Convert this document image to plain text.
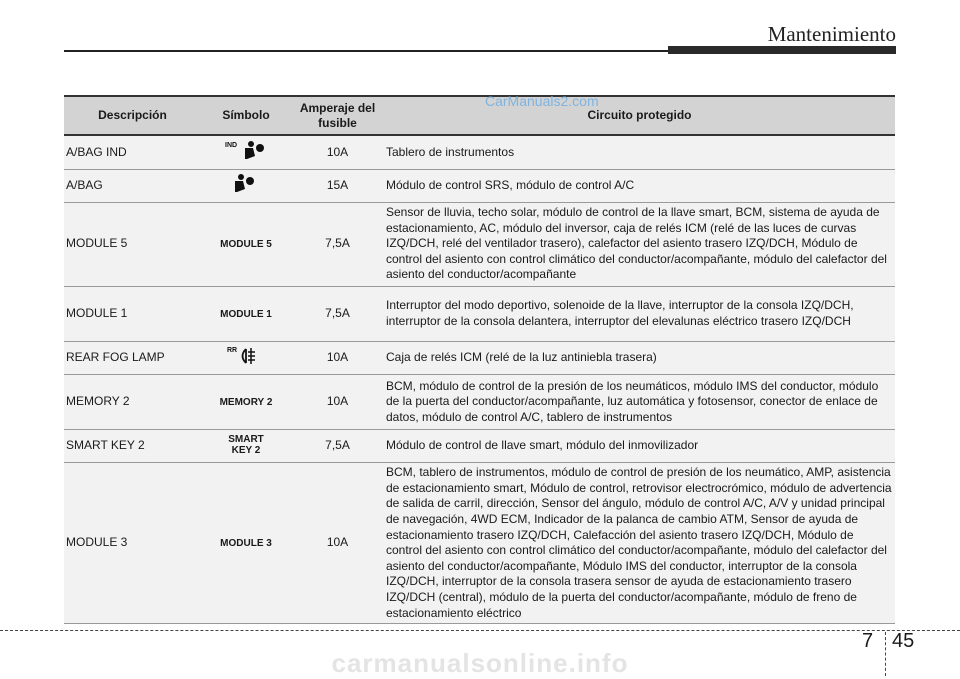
Mantenimiento
Descripción	Símbolo	Amperaje del fusible	Circuito protegido
A/BAG IND	IND	10A	Tablero de instrumentos
A/BAG		15A	Módulo de control SRS, módulo de control A/C
MODULE 5	MODULE 5	7,5A	Sensor de lluvia, techo solar, módulo de control de la llave smart, BCM, sistema de ayuda de estacionamiento, AC, módulo del inversor, caja de relés ICM (relé de las luces de curvas IZQ/DCH, relé del ventilador trasero), calefactor del asiento trasero IZQ/DCH, Módulo de control del asiento con control climático del conductor/acompañante, módulo del calefactor del asiento del conductor/acompañante
MODULE 1	MODULE 1	7,5A	Interruptor del modo deportivo, solenoide de la llave, interruptor de la consola IZQ/DCH, interruptor de la consola delantera, interruptor del elevalunas eléctrico trasero IZQ/DCH
REAR FOG LAMP	RR	10A	Caja de relés ICM (relé de la luz antiniebla trasera)
MEMORY 2	MEMORY 2	10A	BCM, módulo de control de la presión de los neumáticos, módulo IMS del conductor, módulo de la puerta del conductor/acompañante, luz automática y fotosensor, conector de enlace de datos, módulo de control A/C, tablero de instrumentos
SMART KEY 2	SMART KEY 2	7,5A	Módulo de control de llave smart, módulo del inmovilizador
MODULE 3	MODULE 3	10A	BCM, tablero de instrumentos, módulo de control de presión de los neumático, AMP, asistencia de estacionamiento smart, Módulo de control, retrovisor electrocrómico, módulo de advertencia de salida de carril, dirección, Sensor del ángulo, módulo de control A/C, A/V y unidad principal de navegación, 4WD ECM, Indicador de la palanca de cambio ATM, Sensor de ayuda de estacionamiento trasero IZQ/DCH, Calefacción del asiento trasero IZQ/DCH, Módulo de control del asiento con control climático del conductor/acompañante, módulo del calefactor del asiento del conductor/acompañante, Módulo IMS del conductor, interruptor de la consola IZQ/DCH, interruptor de la consola trasera sensor de ayuda de estacionamiento trasero IZQ/DCH (central), módulo de la puerta del conductor/acompañante, módulo de freno de estacionamiento eléctrico
CarManuals2.com
7 45
carmanualsonline.info
